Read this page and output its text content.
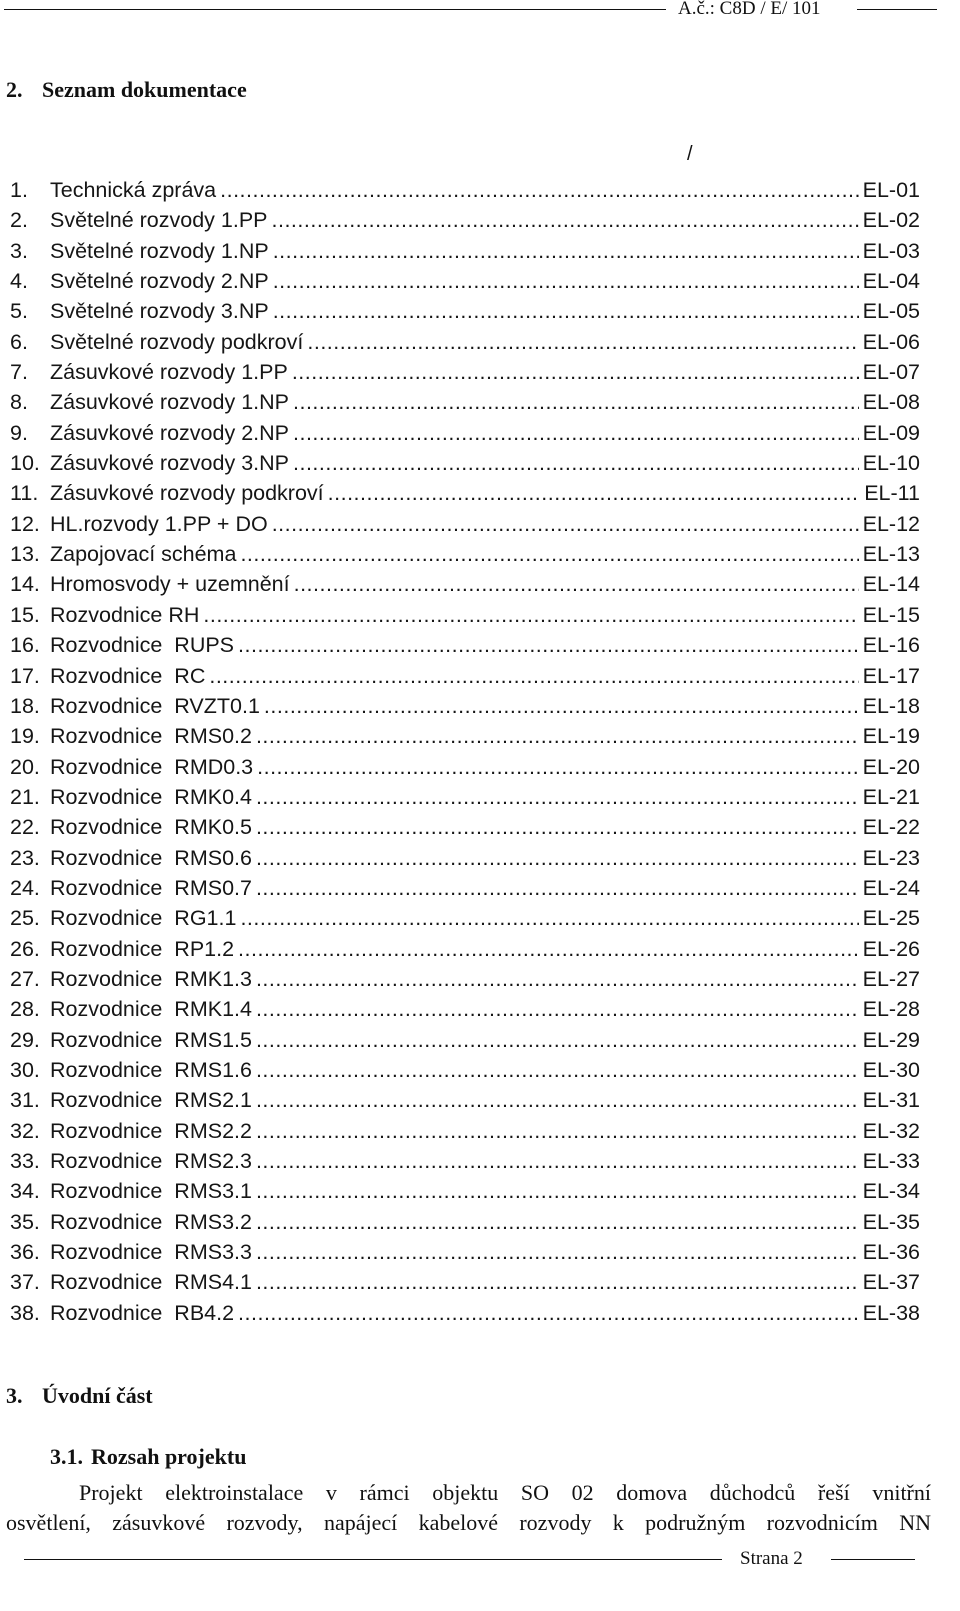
A.č.: C8D / E/ 101
2. Seznam dokumentace
/
1.	Technická zpráva .....	EL-01
2.	Světelné rozvody 1.PP .....	EL-02
3.	Světelné rozvody 1.NP .....	EL-03
4.	Světelné rozvody 2.NP .....	EL-04
5.	Světelné rozvody 3.NP .....	EL-05
6.	Světelné rozvody podkroví .....	EL-06
7.	Zásuvkové rozvody 1.PP .....	EL-07
8.	Zásuvkové rozvody 1.NP .....	EL-08
9.	Zásuvkové rozvody 2.NP .....	EL-09
10. Zásuvkové rozvody 3.NP .....	EL-10
11. Zásuvkové rozvody podkroví .....	EL-11
12. HL.rozvody 1.PP + DO .....	EL-12
13. Zapojovací schéma .....	EL-13
14. Hromosvody + uzemnění .....	EL-14
15. Rozvodnice RH .....	EL-15
16. Rozvodnice  RUPS .....	EL-16
17. Rozvodnice  RC .....	EL-17
18. Rozvodnice  RVZT0.1 .....	EL-18
19. Rozvodnice  RMS0.2 .....	EL-19
20. Rozvodnice  RMD0.3 .....	EL-20
21. Rozvodnice  RMK0.4 .....	EL-21
22. Rozvodnice  RMK0.5 .....	EL-22
23. Rozvodnice  RMS0.6 .....	EL-23
24. Rozvodnice  RMS0.7 .....	EL-24
25. Rozvodnice  RG1.1 .....	EL-25
26. Rozvodnice  RP1.2 .....	EL-26
27. Rozvodnice  RMK1.3 .....	EL-27
28. Rozvodnice  RMK1.4 .....	EL-28
29. Rozvodnice  RMS1.5 .....	EL-29
30. Rozvodnice  RMS1.6 .....	EL-30
31. Rozvodnice  RMS2.1 .....	EL-31
32. Rozvodnice  RMS2.2 .....	EL-32
33. Rozvodnice  RMS2.3 .....	EL-33
34. Rozvodnice  RMS3.1 .....	EL-34
35. Rozvodnice  RMS3.2 .....	EL-35
36. Rozvodnice  RMS3.3 .....	EL-36
37. Rozvodnice  RMS4.1 .....	EL-37
38. Rozvodnice  RB4.2 .....	EL-38
3. Úvodní část
3.1. Rozsah projektu
Projekt elektroinstalace v rámci objektu SO 02 domova důchodců řeší vnitřní
osvětlení, zásuvkové rozvody, napájecí kabelové rozvody k podružným rozvodnicím NN
Strana 2
